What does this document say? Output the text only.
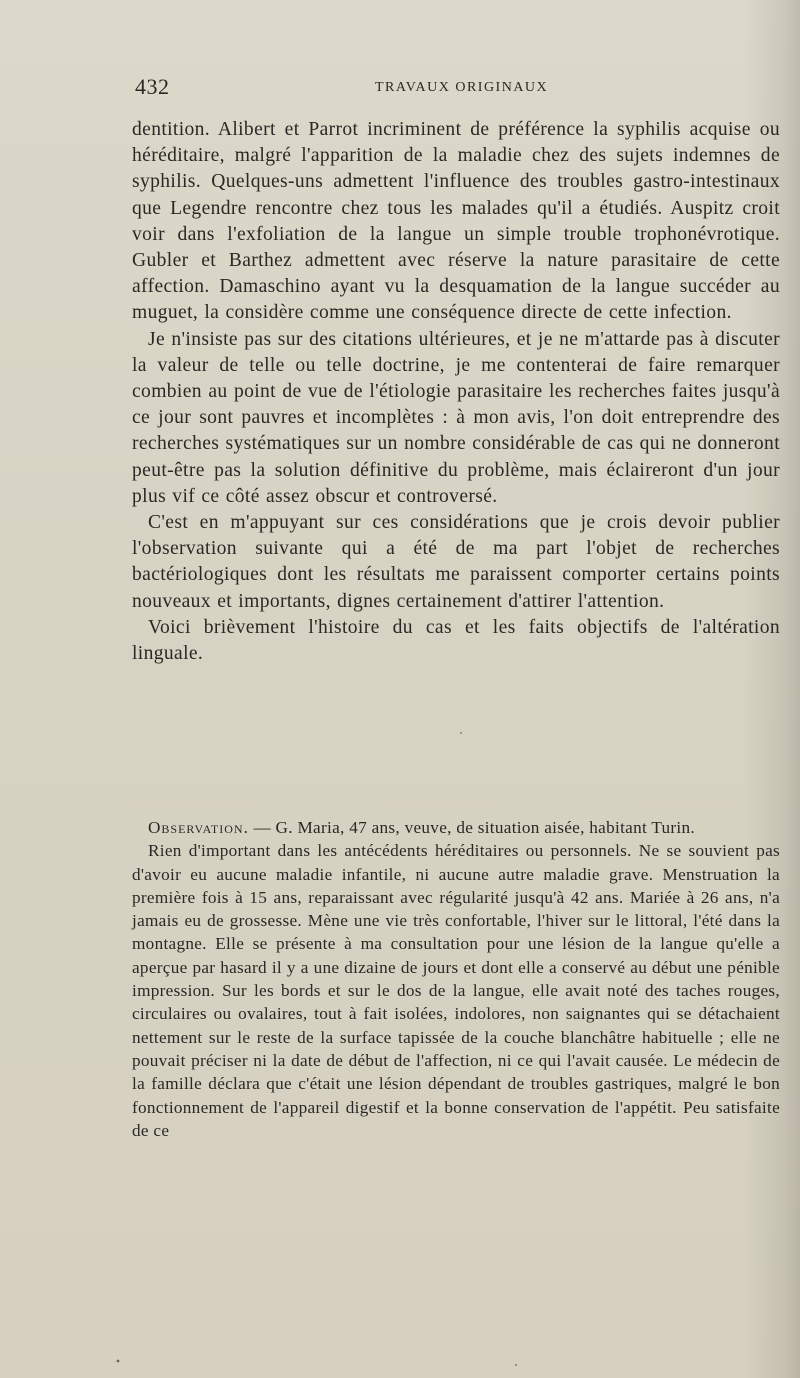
432	TRAVAUX ORIGINAUX

dentition. Alibert et Parrot incriminent de préférence la syphilis acquise ou héréditaire, malgré l'apparition de la maladie chez des sujets indemnes de syphilis. Quelques-uns admettent l'influence des troubles gastro-intestinaux que Legendre rencontre chez tous les malades qu'il a étudiés. Auspitz croit voir dans l'exfoliation de la langue un simple trouble trophonévrotique. Gubler et Barthez admettent avec réserve la nature parasitaire de cette affection. Damaschino ayant vu la desquamation de la langue succéder au muguet, la considère comme une conséquence directe de cette infection.

Je n'insiste pas sur des citations ultérieures, et je ne m'attarde pas à discuter la valeur de telle ou telle doctrine, je me contenterai de faire remarquer combien au point de vue de l'étiologie parasitaire les recherches faites jusqu'à ce jour sont pauvres et incomplètes : à mon avis, l'on doit entreprendre des recherches systématiques sur un nombre considérable de cas qui ne donneront peut-être pas la solution définitive du problème, mais éclaireront d'un jour plus vif ce côté assez obscur et controversé.

C'est en m'appuyant sur ces considérations que je crois devoir publier l'observation suivante qui a été de ma part l'objet de recherches bactériologiques dont les résultats me paraissent comporter certains points nouveaux et importants, dignes certainement d'attirer l'attention.

Voici brièvement l'histoire du cas et les faits objectifs de l'altération linguale.

Observation. — G. Maria, 47 ans, veuve, de situation aisée, habitant Turin.

Rien d'important dans les antécédents héréditaires ou personnels. Ne se souvient pas d'avoir eu aucune maladie infantile, ni aucune autre maladie grave. Menstruation la première fois à 15 ans, reparaissant avec régularité jusqu'à 42 ans. Mariée à 26 ans, n'a jamais eu de grossesse. Mène une vie très confortable, l'hiver sur le littoral, l'été dans la montagne. Elle se présente à ma consultation pour une lésion de la langue qu'elle a aperçue par hasard il y a une dizaine de jours et dont elle a conservé au début une pénible impression. Sur les bords et sur le dos de la langue, elle avait noté des taches rouges, circulaires ou ovalaires, tout à fait isolées, indolores, non saignantes qui se détachaient nettement sur le reste de la surface tapissée de la couche blanchâtre habituelle ; elle ne pouvait préciser ni la date de début de l'affection, ni ce qui l'avait causée. Le médecin de la famille déclara que c'était une lésion dépendant de troubles gastriques, malgré le bon fonctionnement de l'appareil digestif et la bonne conservation de l'appétit. Peu satisfaite de ce
